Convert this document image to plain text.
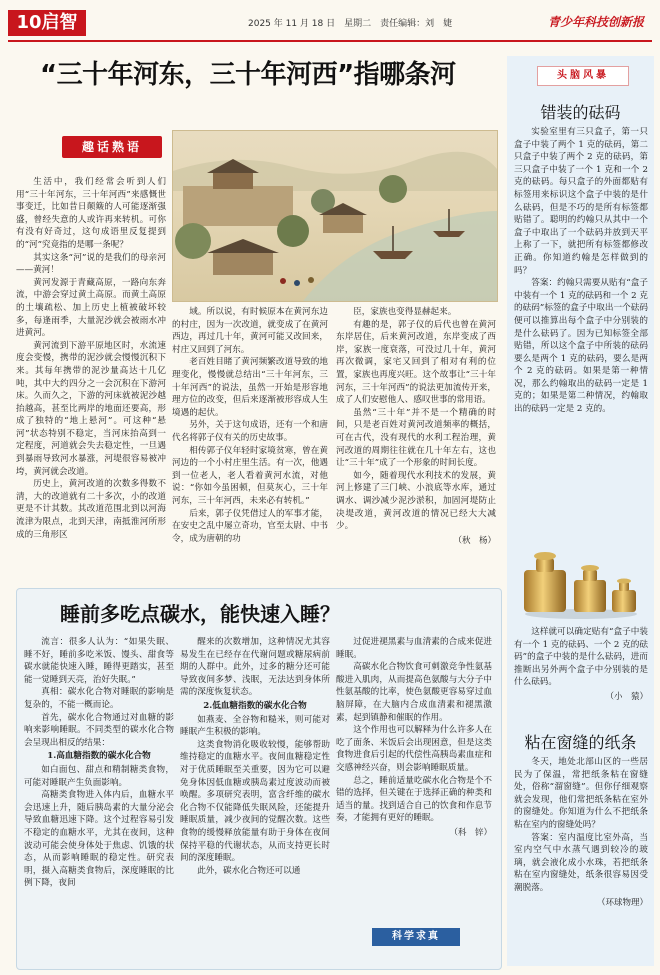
10启智	2025 年 11 月 18 日　星期二　责任编辑：刘　婕	青少年科技创新报
“三十年河东，三十年河西”指哪条河
趣话熟语

生活中，我们经常会听到人们用“三十年河东，三十年河西”来感慨世事变迁，比如昔日颠簸的人可能逐渐强盛，曾经失意的人或许再来转机。可你有没有好奇过，这句成语里反复提到的“河”究竟指的是哪一条呢？

其实这条“河”说的是我们的母亲河——黄河！

黄河发源于青藏高原，一路向东奔流，中游会穿过黄土高原。而黄土高原的土壤疏松、加上历史上植被破坏较多，每逢雨季，大量泥沙就会被雨水冲进黄河。

黄河流到下游平原地区时，水流速度会变慢，携带的泥沙就会慢慢沉积下来。其每年携带的泥沙量高达十几亿吨，其中大约四分之一会沉积在下游河床。久而久之，下游的河床就被泥沙越抬越高，甚至比两岸的地面还要高，形成了独特的“地上悬河”。可这种“悬河”状态特别不稳定，当河床抬高到一定程度，河道就会失去稳定性，一旦遇到暴雨导致河水暴涨，河堤很容易被冲垮，黄河就会改道。

历史上，黄河改道的次数多得数不清，大的改道就有二十多次，小的改道更是不计其数。其改道范围北到以河海流津为限点，北到天津，南抵淮河所形成的三角形区

域。所以说，有时候原本在黄河东边的村庄，因为一次改道，就变成了在黄河西边，再过几十年，黄河可能又改回来，村庄又回到了河东。

老百姓目睹了黄河频繁改道导致的地理变化，慢慢就总结出“三十年河东，三十年河西”的说法，虽然一开始是形容地理方位的改变，但后来逐渐被形容成人生境遇的起伏。

另外，关于这句成语，还有一个和唐代名将郭子仪有关的历史故事。

相传郭子仪年轻时家境贫寒，曾在黄河边的一个小村庄里生活。有一次，他遇到一位老人，老人看着黄河水流，对他说：“你如今虽困顿，但莫灰心，三十年河东，三十年河西，未来必有转机。”

后来，郭子仪凭借过人的军事才能，在安史之乱中屡立奇功，官至太尉、中书令，成为唐朝的功

臣，家族也变得显赫起来。

有趣的是，郭子仪的后代也曾在黄河东岸居住，后来黄河改道，东岸变成了西岸，家族一度衰落，可没过几十年，黄河再次微调，家宅又回到了相对有利的位置，家族也再度兴旺。这个故事让“三十年河东，三十年河西”的说法更加流传开来，成了人们安慰他人、感叹世事的常用语。

虽然“三十年”并不是一个精确的时间，只是老百姓对黄河改道频率的概括，可在古代，没有现代的水利工程治理，黄河改道的周期往往就在几十年左右，这也让“三十年”成了一个形象的时间长度。

如今，随着现代水利技术的发展，黄河上修建了三门峡、小浪底等水库，通过调水、调沙减少泥沙淤积，加固河堤防止决堤改道，黄河改道的情况已经大大减少。

（秋　杨）
头脑风暴
错装的砝码

实验室里有三只盒子，第一只盒子中装了两个 1 克的砝码，第二只盒子中装了两个 2 克的砝码，第三只盒子中装了一个 1 克和一个 2 克的砝码。每只盒子的外面都贴有标签用来标识这个盒子中装的是什么砝码，但是不巧的是所有标签都贴错了。聪明的约翰只从其中一个盒子中取出了一个砝码并放到天平上称了一下，就把所有标签都修改正确。你知道约翰是怎样做到的吗？

答案：约翰只需要从贴有“盒子中装有一个 1 克的砝码和一个 2 克的砝码”标签的盒子中取出一个砝码便可以推算出每个盒子中分别装的是什么砝码了。因为已知标签全部贴错，所以这个盒子中所装的砝码要么是两个 1 克的砝码，要么是两个 2 克的砝码。如果是第一种情况，那么约翰取出的砝码一定是 1 克的；如果是第二种情况，约翰取出的砝码一定是 2 克的。

这样就可以确定贴有“盒子中装有一个 1 克的砝码、一个 2 克的砝码”的盒子中装的是什么砝码，进而推断出另外两个盒子中分别装的是什么砝码。

（小　猿）
粘在窗缝的纸条

冬天，地处北部山区的一些居民为了保温，常把纸条粘在窗缝处，俗称“溜窗缝”。但你仔细观察就会发现，他们常把纸条粘在室外的窗缝处。你知道为什么不把纸条粘在室内的窗缝处吗？

答案：室内温度比室外高，当室内空气中水蒸气遇到较冷的玻璃，就会液化成小水珠，若把纸条粘在室内窗缝处，纸条很容易因受潮脱落。

（环球物理）
睡前多吃点碳水，能快速入睡？

流言：很多人认为：“如果失眠、睡不好，睡前多吃米饭、馒头、甜食等碳水就能快速入睡，睡得更踏实，甚至能一觉睡到天亮，治好失眠。”

真相：碳水化合物对睡眠的影响是复杂的，不能一概而论。

首先，碳水化合物通过对血糖的影响来影响睡眠。不同类型的碳水化合物会呈现出相反的结果：

1.高血糖指数的碳水化合物

如白面包、甜点和精制糖类食物，可能对睡眠产生负面影响。

高糖类食物进入体内后，血糖水平会迅速上升，随后胰岛素的大量分泌会导致血糖迅速下降。这个过程容易引发不稳定的血糖水平，尤其在夜间，这种波动可能会使身体处于焦虑、饥饿的状态，从而影响睡眠的稳定性。研究表明，摄入高糖类食物后，深度睡眠的比例下降，夜间

醒来的次数增加，这种情况尤其容易发生在已经存在代谢问题或糖尿病前期的人群中。此外，过多的糖分还可能导致夜间多梦、浅眠，无法达到身体所需的深度恢复状态。

2.低血糖指数的碳水化合物

如燕麦、全谷物和糙米，则可能对睡眠产生积极的影响。

这类食物消化吸收较慢，能够帮助维持稳定的血糖水平。夜间血糖稳定性对于优质睡眠至关重要，因为它可以避免身体因低血糖或胰岛素过度波动而被唤醒。多项研究表明，富含纤维的碳水化合物不仅能降低失眠风险，还能提升睡眠质量，减少夜间的觉醒次数。这些食物的缓慢释放能量有助于身体在夜间保持平稳的代谢状态，从而支持更长时间的深度睡眠。

此外，碳水化合物还可以通

过促进褪黑素与血清素的合成来促进睡眠。

高碳水化合物饮食可刺激竞争性氨基酸进入肌肉，从而提高色氨酸与大分子中性氨基酸的比率，使色氨酸更容易穿过血脑屏障，在大脑内合成血清素和褪黑激素，起到镇静和催眠的作用。

这个作用也可以解释为什么许多人在吃了面条、米饭后会出现困意，但是这类食物进食后引起的代偿性高胰岛素血症和交感神经兴奋，则会影响睡眠质量。

总之，睡前适量吃碳水化合物是个不错的选择，但关键在于选择正确的种类和适当的量。找到适合自己的饮食和作息节奏，才能拥有更好的睡眠。

（科　锌）
科学求真
